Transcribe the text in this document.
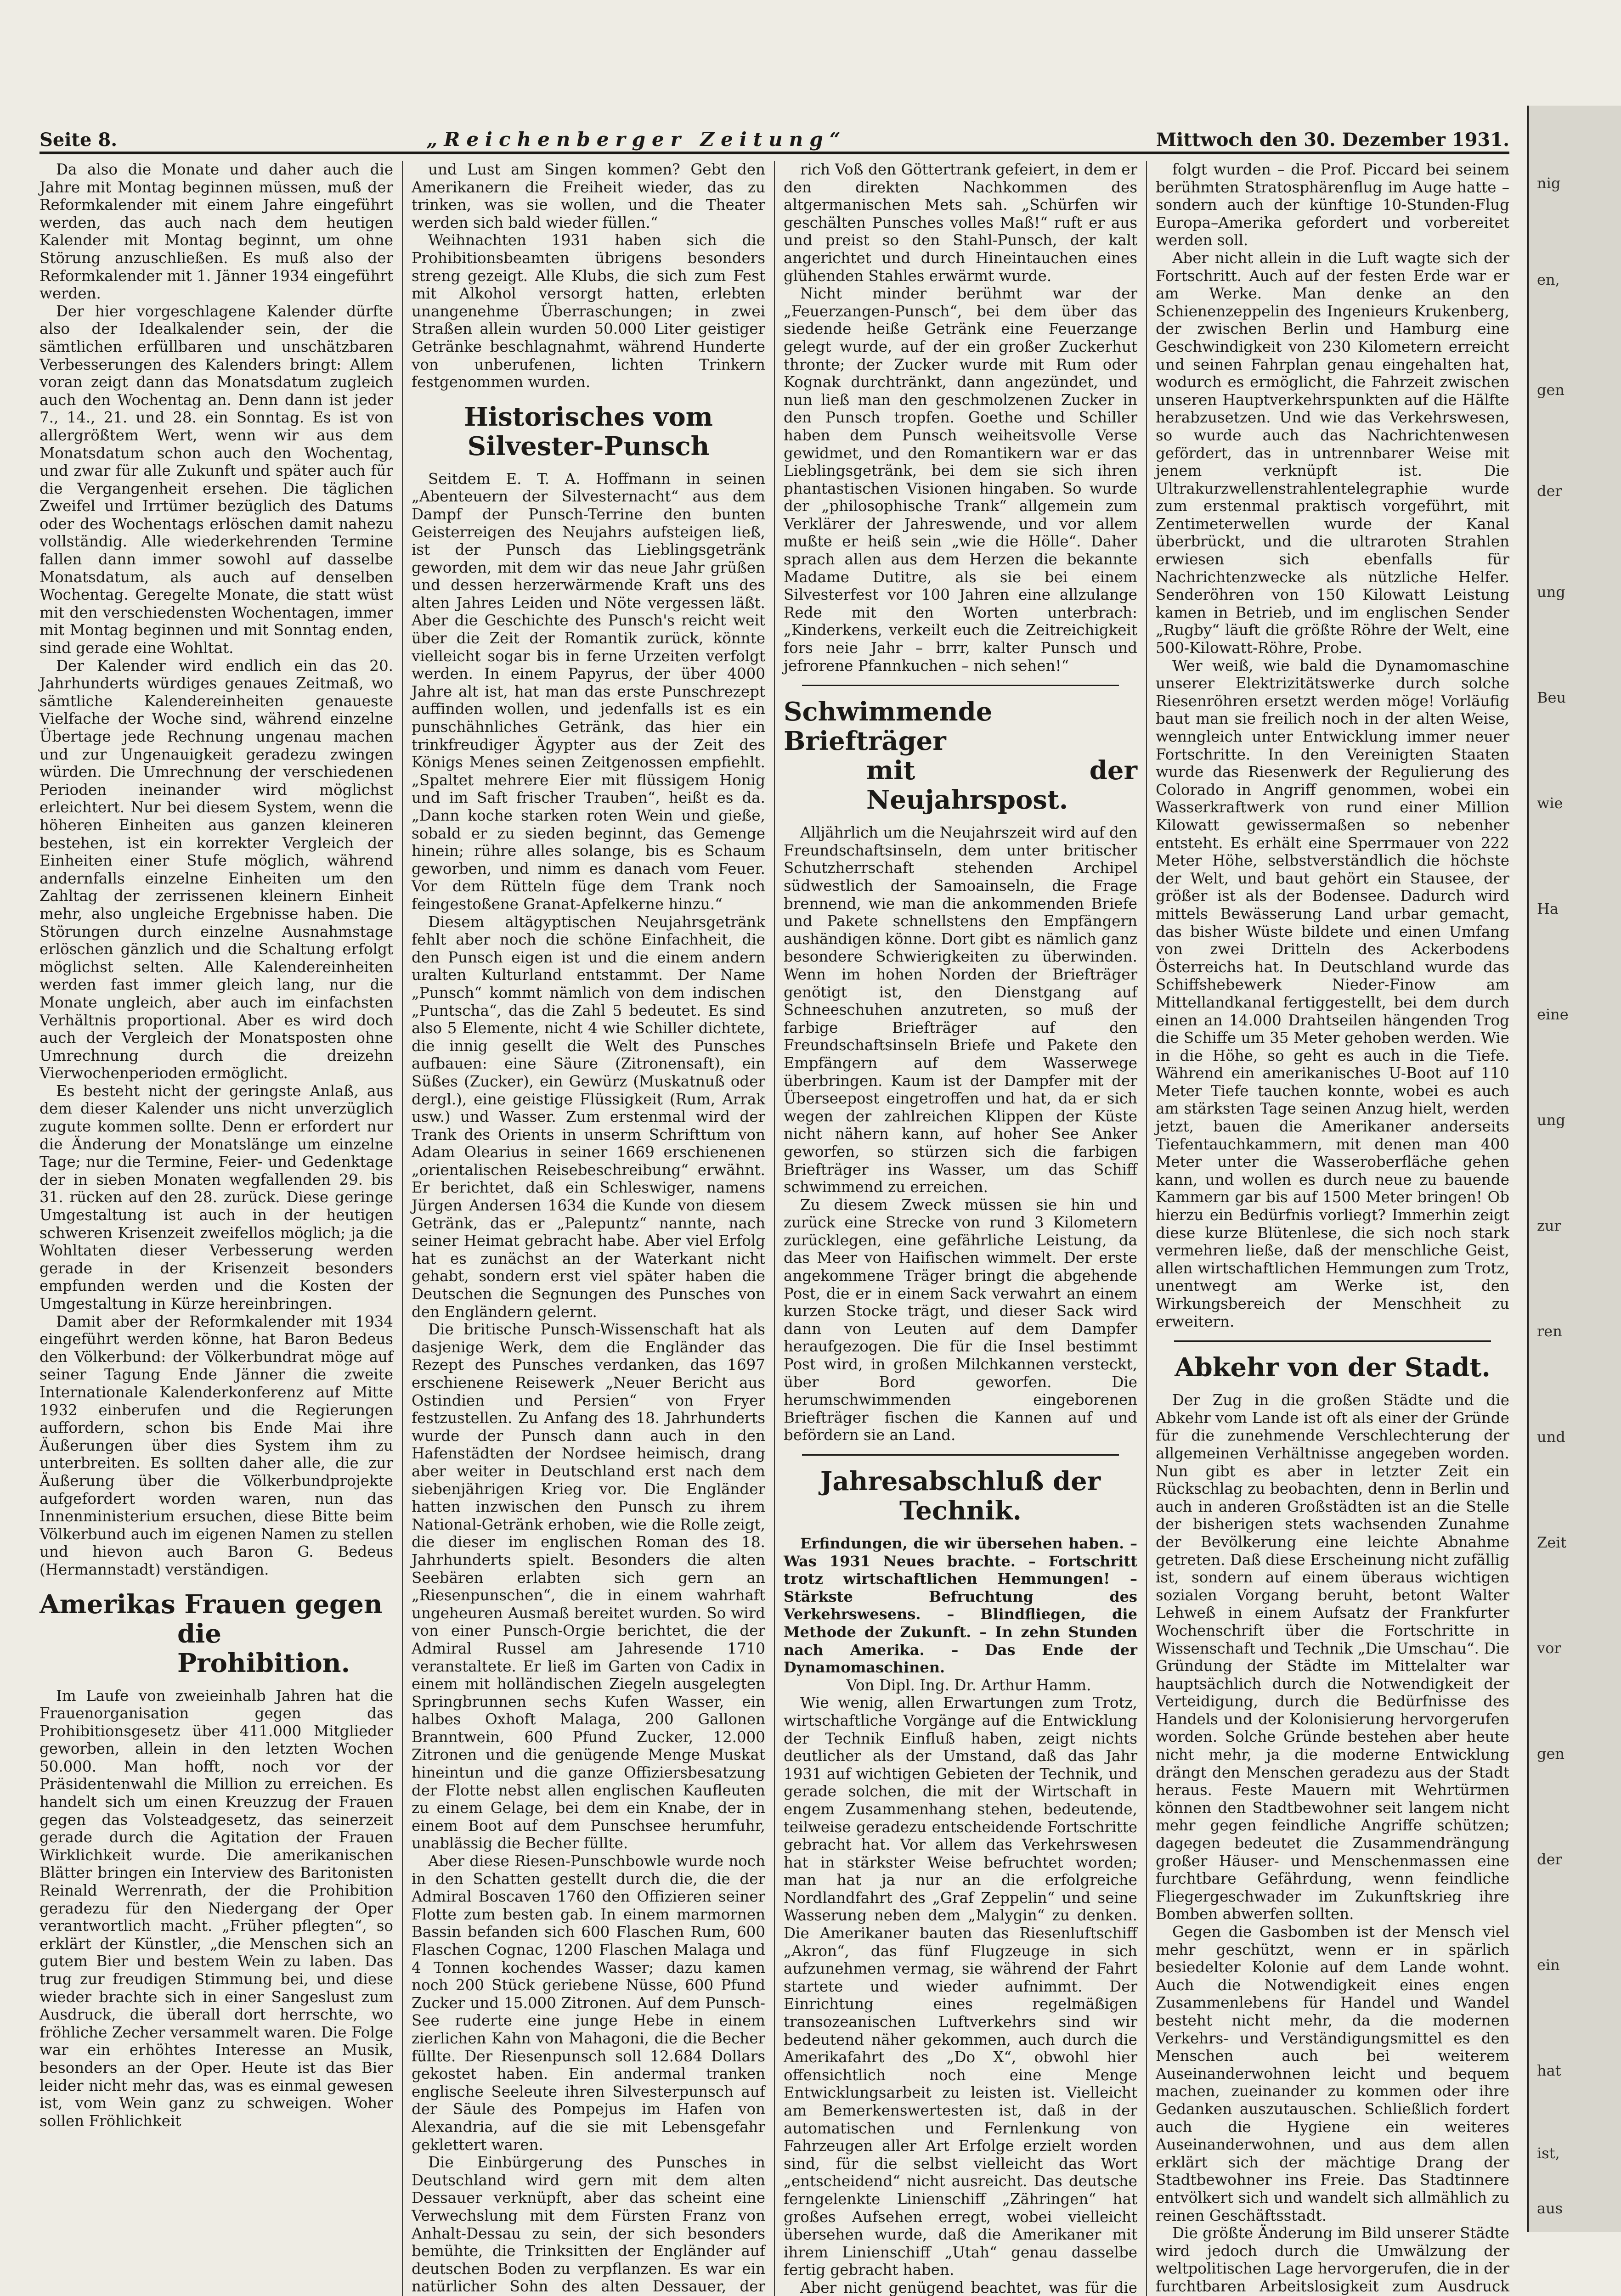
Seite 8.	„Reichenberger Zeitung“	Mittwoch den 30. Dezember 1931.

Da also die Monate und daher auch die Jahre mit Montag beginnen müssen, muß der Reformkalender mit einem Jahre eingeführt werden, das auch nach dem heutigen Kalender mit Montag beginnt, um ohne Störung anzuschließen. Es muß also der Reformkalender mit 1. Jänner 1934 eingeführt werden.

Der hier vorgeschlagene Kalender dürfte also der Idealkalender sein, der die sämtlichen erfüllbaren und unschätzbaren Verbesserungen des Kalenders bringt: Allem voran zeigt dann das Monatsdatum zugleich auch den Wochentag an. Denn dann ist jeder 7., 14., 21. und 28. ein Sonntag. Es ist von allergrößtem Wert, wenn wir aus dem Monatsdatum schon auch den Wochentag, und zwar für alle Zukunft und später auch für die Vergangenheit ersehen. Die täglichen Zweifel und Irrtümer bezüglich des Datums oder des Wochentags erlöschen damit nahezu vollständig. Alle wiederkehrenden Termine fallen dann immer sowohl auf dasselbe Monatsdatum, als auch auf denselben Wochentag. Geregelte Monate, die statt wüst mit den verschiedensten Wochentagen, immer mit Montag beginnen und mit Sonntag enden, sind gerade eine Wohltat.

Der Kalender wird endlich ein das 20. Jahrhunderts würdiges genaues Zeitmaß, wo sämtliche Kalendereinheiten genaueste Vielfache der Woche sind, während einzelne Übertage jede Rechnung ungenau machen und zur Ungenauigkeit geradezu zwingen würden. Die Umrechnung der verschiedenen Perioden ineinander wird möglichst erleichtert. Nur bei diesem System, wenn die höheren Einheiten aus ganzen kleineren bestehen, ist ein korrekter Vergleich der Einheiten einer Stufe möglich, während andernfalls einzelne Einheiten um den Zahltag der zerrissenen kleinern Einheit mehr, also ungleiche Ergebnisse haben. Die Störungen durch einzelne Ausnahmstage erlöschen gänzlich und die Schaltung erfolgt möglichst selten. Alle Kalendereinheiten werden fast immer gleich lang, nur die Monate ungleich, aber auch im einfachsten Verhältnis proportional. Aber es wird doch auch der Vergleich der Monatsposten ohne Umrechnung durch die dreizehn Vierwochenperioden ermöglicht.

Es besteht nicht der geringste Anlaß, aus dem dieser Kalender uns nicht unverzüglich zugute kommen sollte. Denn er erfordert nur die Änderung der Monatslänge um einzelne Tage; nur die Termine, Feier- und Gedenktage der in sieben Monaten wegfallenden 29. bis 31. rücken auf den 28. zurück. Diese geringe Umgestaltung ist auch in der heutigen schweren Krisenzeit zweifellos möglich; ja die Wohltaten dieser Verbesserung werden gerade in der Krisenzeit besonders empfunden werden und die Kosten der Umgestaltung in Kürze hereinbringen.

Damit aber der Reformkalender mit 1934 eingeführt werden könne, hat Baron Bedeus den Völkerbund: der Völkerbundrat möge auf seiner Tagung Ende Jänner die zweite Internationale Kalenderkonferenz auf Mitte 1932 einberufen und die Regierungen auffordern, schon bis Ende Mai ihre Äußerungen über dies System ihm zu unterbreiten. Es sollten daher alle, die zur Äußerung über die Völkerbundprojekte aufgefordert worden waren, nun das Innenministerium ersuchen, diese Bitte beim Völkerbund auch im eigenen Namen zu stellen und hievon auch Baron G. Bedeus (Hermannstadt) verständigen.

Amerikas Frauen gegen
die Prohibition.

Im Laufe von zweieinhalb Jahren hat die Frauenorganisation gegen das Prohibitionsgesetz über 411.000 Mitglieder geworben, allein in den letzten Wochen 50.000. Man hofft, noch vor der Präsidentenwahl die Million zu erreichen. Es handelt sich um einen Kreuzzug der Frauen gegen das Volsteadgesetz, das seinerzeit gerade durch die Agitation der Frauen Wirklichkeit wurde. Die amerikanischen Blätter bringen ein Interview des Baritonisten Reinald Werrenrath, der die Prohibition geradezu für den Niedergang der Oper verantwortlich macht. „Früher pflegten“, so erklärt der Künstler, „die Menschen sich an gutem Bier und bestem Wein zu laben. Das trug zur freudigen Stimmung bei, und diese wieder brachte sich in einer Sangeslust zum Ausdruck, die überall dort herrschte, wo fröhliche Zecher versammelt waren. Die Folge war ein erhöhtes Interesse an Musik, besonders an der Oper. Heute ist das Bier leider nicht mehr das, was es einmal gewesen ist, vom Wein ganz zu schweigen. Woher sollen Fröhlichkeit

und Lust am Singen kommen? Gebt den Amerikanern die Freiheit wieder, das zu trinken, was sie wollen, und die Theater werden sich bald wieder füllen.“

Weihnachten 1931 haben sich die Prohibitionsbeamten übrigens besonders streng gezeigt. Alle Klubs, die sich zum Fest mit Alkohol versorgt hatten, erlebten unangenehme Überraschungen; in zwei Straßen allein wurden 50.000 Liter geistiger Getränke beschlagnahmt, während Hunderte von unberufenen, lichten Trinkern festgenommen wurden.

Historisches vom Silvester-Punsch

Seitdem E. T. A. Hoffmann in seinen „Abenteuern der Silvesternacht“ aus dem Dampf der Punsch-Terrine den bunten Geisterreigen des Neujahrs aufsteigen ließ, ist der Punsch das Lieblingsgetränk geworden, mit dem wir das neue Jahr grüßen und dessen herzerwärmende Kraft uns des alten Jahres Leiden und Nöte vergessen läßt. Aber die Geschichte des Punsch's reicht weit über die Zeit der Romantik zurück, könnte vielleicht sogar bis in ferne Urzeiten verfolgt werden. In einem Papyrus, der über 4000 Jahre alt ist, hat man das erste Punschrezept auffinden wollen, und jedenfalls ist es ein punschähnliches Getränk, das hier ein trinkfreudiger Ägypter aus der Zeit des Königs Menes seinen Zeitgenossen empfiehlt. „Spaltet mehrere Eier mit flüssigem Honig und im Saft frischer Trauben“, heißt es da. „Dann koche starken roten Wein und gieße, sobald er zu sieden beginnt, das Gemenge hinein; rühre alles solange, bis es Schaum geworben, und nimm es danach vom Feuer. Vor dem Rütteln füge dem Trank noch feingestoßene Granat-Apfelkerne hinzu.“

Diesem altägyptischen Neujahrsgetränk fehlt aber noch die schöne Einfachheit, die den Punsch eigen ist und die einem andern uralten Kulturland entstammt. Der Name „Punsch“ kommt nämlich von dem indischen „Puntscha“, das die Zahl 5 bedeutet. Es sind also 5 Elemente, nicht 4 wie Schiller dichtete, die innig gesellt die Welt des Punsches aufbauen: eine Säure (Zitronensaft), ein Süßes (Zucker), ein Gewürz (Muskatnuß oder dergl.), eine geistige Flüssigkeit (Rum, Arrak usw.) und Wasser. Zum erstenmal wird der Trank des Orients in unserm Schrifttum von Adam Olearius in seiner 1669 erschienenen „orientalischen Reisebeschreibung“ erwähnt. Er berichtet, daß ein Schleswiger, namens Jürgen Andersen 1634 die Kunde von diesem Getränk, das er „Palepuntz“ nannte, nach seiner Heimat gebracht habe. Aber viel Erfolg hat es zunächst an der Waterkant nicht gehabt, sondern erst viel später haben die Deutschen die Segnungen des Punsches von den Engländern gelernt.

Die britische Punsch-Wissenschaft hat als dasjenige Werk, dem die Engländer das Rezept des Punsches verdanken, das 1697 erschienene Reisewerk „Neuer Bericht aus Ostindien und Persien“ von Fryer festzustellen. Zu Anfang des 18. Jahrhunderts wurde der Punsch dann auch in den Hafenstädten der Nordsee heimisch, drang aber weiter in Deutschland erst nach dem siebenjährigen Krieg vor. Die Engländer hatten inzwischen den Punsch zu ihrem National-Getränk erhoben, wie die Rolle zeigt, die dieser im englischen Roman des 18. Jahrhunderts spielt. Besonders die alten Seebären erlabten sich gern an „Riesenpunschen“, die in einem wahrhaft ungeheuren Ausmaß bereitet wurden. So wird von einer Punsch-Orgie berichtet, die der Admiral Russel am Jahresende 1710 veranstaltete. Er ließ im Garten von Cadix in einem mit holländischen Ziegeln ausgelegten Springbrunnen sechs Kufen Wasser, ein halbes Oxhoft Malaga, 200 Gallonen Branntwein, 600 Pfund Zucker, 12.000 Zitronen und die genügende Menge Muskat hineintun und die ganze Offiziersbesatzung der Flotte nebst allen englischen Kaufleuten zu einem Gelage, bei dem ein Knabe, der in einem Boot auf dem Punschsee herumfuhr, unablässig die Becher füllte.

Aber diese Riesen-Punschbowle wurde noch in den Schatten gestellt durch die, die der Admiral Boscaven 1760 den Offizieren seiner Flotte zum besten gab. In einem marmornen Bassin befanden sich 600 Flaschen Rum, 600 Flaschen Cognac, 1200 Flaschen Malaga und 4 Tonnen kochendes Wasser; dazu kamen noch 200 Stück geriebene Nüsse, 600 Pfund Zucker und 15.000 Zitronen. Auf dem Punsch-See ruderte eine junge Hebe in einem zierlichen Kahn von Mahagoni, die die Becher füllte. Der Riesenpunsch soll 12.684 Dollars gekostet haben. Ein andermal tranken englische Seeleute ihren Silvesterpunsch auf der Säule des Pompejus im Hafen von Alexandria, auf die sie mit Lebensgefahr geklettert waren.

Die Einbürgerung des Punsches in Deutschland wird gern mit dem alten Dessauer verknüpft, aber das scheint eine Verwechslung mit dem Fürsten Franz von Anhalt-Dessau zu sein, der sich besonders bemühte, die Trinksitten der Engländer auf deutschen Boden zu verpflanzen. Es war ein natürlicher Sohn des alten Dessauer, der

rich Voß den Göttertrank gefeiert, in dem er den direkten Nachkommen des altgermanischen Mets sah. „Schürfen wir geschälten Punsches volles Maß!“ ruft er aus und preist so den Stahl-Punsch, der kalt angerichtet und durch Hineintauchen eines glühenden Stahles erwärmt wurde.

Nicht minder berühmt war der „Feuerzangen-Punsch“, bei dem über das siedende heiße Getränk eine Feuerzange gelegt wurde, auf der ein großer Zuckerhut thronte; der Zucker wurde mit Rum oder Kognak durchtränkt, dann angezündet, und nun ließ man den geschmolzenen Zucker in den Punsch tropfen. Goethe und Schiller haben dem Punsch weiheitsvolle Verse gewidmet, und den Romantikern war er das Lieblingsgetränk, bei dem sie sich ihren phantastischen Visionen hingaben. So wurde der „philosophische Trank“ allgemein zum Verklärer der Jahreswende, und vor allem mußte er heiß sein „wie die Hölle“. Daher sprach allen aus dem Herzen die bekannte Madame Dutitre, als sie bei einem Silvesterfest vor 100 Jahren eine allzulange Rede mit den Worten unterbrach: „Kinderkens, verkeilt euch die Zeitreichigkeit fors neie Jahr – brrr, kalter Punsch und jefrorene Pfannkuchen – nich sehen!“

Schwimmende Briefträger
mit der Neujahrspost.

Alljährlich um die Neujahrszeit wird auf den Freundschaftsinseln, dem unter britischer Schutzherrschaft stehenden Archipel südwestlich der Samoainseln, die Frage brennend, wie man die ankommenden Briefe und Pakete schnellstens den Empfängern aushändigen könne. Dort gibt es nämlich ganz besondere Schwierigkeiten zu überwinden. Wenn im hohen Norden der Briefträger genötigt ist, den Dienstgang auf Schneeschuhen anzutreten, so muß der farbige Briefträger auf den Freundschaftsinseln Briefe und Pakete den Empfängern auf dem Wasserwege überbringen. Kaum ist der Dampfer mit der Überseepost eingetroffen und hat, da er sich wegen der zahlreichen Klippen der Küste nicht nähern kann, auf hoher See Anker geworfen, so stürzen sich die farbigen Briefträger ins Wasser, um das Schiff schwimmend zu erreichen.

Zu diesem Zweck müssen sie hin und zurück eine Strecke von rund 3 Kilometern zurücklegen, eine gefährliche Leistung, da das Meer von Haifischen wimmelt. Der erste angekommene Träger bringt die abgehende Post, die er in einem Sack verwahrt an einem kurzen Stocke trägt, und dieser Sack wird dann von Leuten auf dem Dampfer heraufgezogen. Die für die Insel bestimmt Post wird, in großen Milchkannen versteckt, über Bord geworfen. Die herumschwimmenden eingeborenen Briefträger fischen die Kannen auf und befördern sie an Land.

Jahresabschluß der Technik.

Erfindungen, die wir übersehen haben. – Was 1931 Neues brachte. – Fortschritt trotz wirtschaftlichen Hemmungen! – Stärkste Befruchtung des Verkehrswesens. – Blindfliegen, die Methode der Zukunft. – In zehn Stunden nach Amerika. – Das Ende der Dynamomaschinen.

Von Dipl. Ing. Dr. Arthur Hamm.

Wie wenig, allen Erwartungen zum Trotz, wirtschaftliche Vorgänge auf die Entwicklung der Technik Einfluß haben, zeigt nichts deutlicher als der Umstand, daß das Jahr 1931 auf wichtigen Gebieten der Technik, und gerade solchen, die mit der Wirtschaft in engem Zusammenhang stehen, bedeutende, teilweise geradezu entscheidende Fortschritte gebracht hat. Vor allem das Verkehrswesen hat in stärkster Weise befruchtet worden; man hat ja nur an die erfolgreiche Nordlandfahrt des „Graf Zeppelin“ und seine Wasserung neben dem „Malygin“ zu denken. Die Amerikaner bauten das Riesenluftschiff „Akron“, das fünf Flugzeuge in sich aufzunehmen vermag, sie während der Fahrt startete und wieder aufnimmt. Der Einrichtung eines regelmäßigen transozeanischen Luftverkehrs sind wir bedeutend näher gekommen, auch durch die Amerikafahrt des „Do X“, obwohl hier offensichtlich noch eine Menge Entwicklungsarbeit zu leisten ist. Vielleicht am Bemerkenswertesten ist, daß in der automatischen und Fernlenkung von Fahrzeugen aller Art Erfolge erzielt worden sind, für die selbst vielleicht das Wort „entscheidend“ nicht ausreicht. Das deutsche ferngelenkte Linienschiff „Zähringen“ hat großes Aufsehen erregt, wobei vielleicht übersehen wurde, daß die Amerikaner mit ihrem Linienschiff „Utah“ genau dasselbe fertig gebracht haben.

Aber nicht genügend beachtet, was für die

folgt wurden – die Prof. Piccard bei seinem berühmten Stratosphärenflug im Auge hatte – sondern auch der künftige 10-Stunden-Flug Europa–Amerika gefordert und vorbereitet werden soll.

Aber nicht allein in die Luft wagte sich der Fortschritt. Auch auf der festen Erde war er am Werke. Man denke an den Schienenzeppelin des Ingenieurs Krukenberg, der zwischen Berlin und Hamburg eine Geschwindigkeit von 230 Kilometern erreicht und seinen Fahrplan genau eingehalten hat, wodurch es ermöglicht, die Fahrzeit zwischen unseren Hauptverkehrspunkten auf die Hälfte herabzusetzen. Und wie das Verkehrswesen, so wurde auch das Nachrichtenwesen gefördert, das in untrennbarer Weise mit jenem verknüpft ist. Die Ultrakurzwellenstrahlentelegraphie wurde zum erstenmal praktisch vorgeführt, mit Zentimeterwellen wurde der Kanal überbrückt, und die ultraroten Strahlen erwiesen sich ebenfalls für Nachrichtenzwecke als nützliche Helfer. Senderöhren von 150 Kilowatt Leistung kamen in Betrieb, und im englischen Sender „Rugby“ läuft die größte Röhre der Welt, eine 500-Kilowatt-Röhre, Probe.

Wer weiß, wie bald die Dynamomaschine unserer Elektrizitätswerke durch solche Riesenröhren ersetzt werden möge! Vorläufig baut man sie freilich noch in der alten Weise, wenngleich unter Entwicklung immer neuer Fortschritte. In den Vereinigten Staaten wurde das Riesenwerk der Regulierung des Colorado in Angriff genommen, wobei ein Wasserkraftwerk von rund einer Million Kilowatt gewissermaßen so nebenher entsteht. Es erhält eine Sperrmauer von 222 Meter Höhe, selbstverständlich die höchste der Welt, und baut gehört ein Stausee, der größer ist als der Bodensee. Dadurch wird mittels Bewässerung Land urbar gemacht, das bisher Wüste bildete und einen Umfang von zwei Dritteln des Ackerbodens Österreichs hat. In Deutschland wurde das Schiffshebewerk Nieder-Finow am Mittellandkanal fertiggestellt, bei dem durch einen an 14.000 Drahtseilen hängenden Trog die Schiffe um 35 Meter gehoben werden. Wie in die Höhe, so geht es auch in die Tiefe. Während ein amerikanisches U-Boot auf 110 Meter Tiefe tauchen konnte, wobei es auch am stärksten Tage seinen Anzug hielt, werden jetzt, bauen die Amerikaner anderseits Tiefentauchkammern, mit denen man 400 Meter unter die Wasseroberfläche gehen kann, und wollen es durch neue zu bauende Kammern gar bis auf 1500 Meter bringen! Ob hierzu ein Bedürfnis vorliegt? Immerhin zeigt diese kurze Blütenlese, die sich noch stark vermehren ließe, daß der menschliche Geist, allen wirtschaftlichen Hemmungen zum Trotz, unentwegt am Werke ist, den Wirkungsbereich der Menschheit zu erweitern.

Abkehr von der Stadt.

Der Zug in die großen Städte und die Abkehr vom Lande ist oft als einer der Gründe für die zunehmende Verschlechterung der allgemeinen Verhältnisse angegeben worden. Nun gibt es aber in letzter Zeit ein Rückschlag zu beobachten, denn in Berlin und auch in anderen Großstädten ist an die Stelle der bisherigen stets wachsenden Zunahme der Bevölkerung eine leichte Abnahme getreten. Daß diese Erscheinung nicht zufällig ist, sondern auf einem überaus wichtigen sozialen Vorgang beruht, betont Walter Lehweß in einem Aufsatz der Frankfurter Wochenschrift über die Fortschritte in Wissenschaft und Technik „Die Umschau“. Die Gründung der Städte im Mittelalter war hauptsächlich durch die Notwendigkeit der Verteidigung, durch die Bedürfnisse des Handels und der Kolonisierung hervorgerufen worden. Solche Gründe bestehen aber heute nicht mehr, ja die moderne Entwicklung drängt den Menschen geradezu aus der Stadt heraus. Feste Mauern mit Wehrtürmen können den Stadtbewohner seit langem nicht mehr gegen feindliche Angriffe schützen; dagegen bedeutet die Zusammendrängung großer Häuser- und Menschenmassen eine furchtbare Gefährdung, wenn feindliche Fliegergeschwader im Zukunftskrieg ihre Bomben abwerfen sollten.

Gegen die Gasbomben ist der Mensch viel mehr geschützt, wenn er in spärlich besiedelter Kolonie auf dem Lande wohnt. Auch die Notwendigkeit eines engen Zusammenlebens für Handel und Wandel besteht nicht mehr, da die modernen Verkehrs- und Verständigungsmittel es den Menschen auch bei weiterem Auseinanderwohnen leicht und bequem machen, zueinander zu kommen oder ihre Gedanken auszutauschen. Schließlich fordert auch die Hygiene ein weiteres Auseinanderwohnen, und aus dem allen erklärt sich der mächtige Drang der Stadtbewohner ins Freie. Das Stadtinnere entvölkert sich und wandelt sich allmählich zu reinen Geschäftsstadt.

Die größte Änderung im Bild unserer Städte wird jedoch durch die Umwälzung der weltpolitischen Lage hervorgerufen, die in der furchtbaren Arbeitslosigkeit zum Ausdruck

nig
en,
gen
der
ung
Beu
wie
Ha
eine
ung
zur
ren
und
Zeit
vor
gen
der
ein
hat
ist,
aus
